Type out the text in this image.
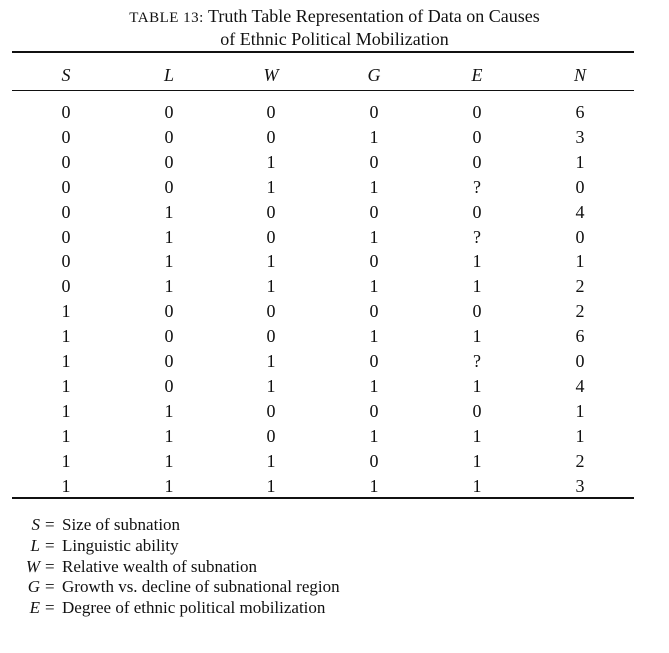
TABLE 13: Truth Table Representation of Data on Causes
of Ethnic Political Mobilization
S	L	W	G	E	N
0	0	0	0	0	6
0	0	0	1	0	3
0	0	1	0	0	1
0	0	1	1	?	0
0	1	0	0	0	4
0	1	0	1	?	0
0	1	1	0	1	1
0	1	1	1	1	2
1	0	0	0	0	2
1	0	0	1	1	6
1	0	1	0	?	0
1	0	1	1	1	4
1	1	0	0	0	1
1	1	0	1	1	1
1	1	1	0	1	2
1	1	1	1	1	3
S = Size of subnation
L = Linguistic ability
W = Relative wealth of subnation
G = Growth vs. decline of subnational region
E = Degree of ethnic political mobilization
